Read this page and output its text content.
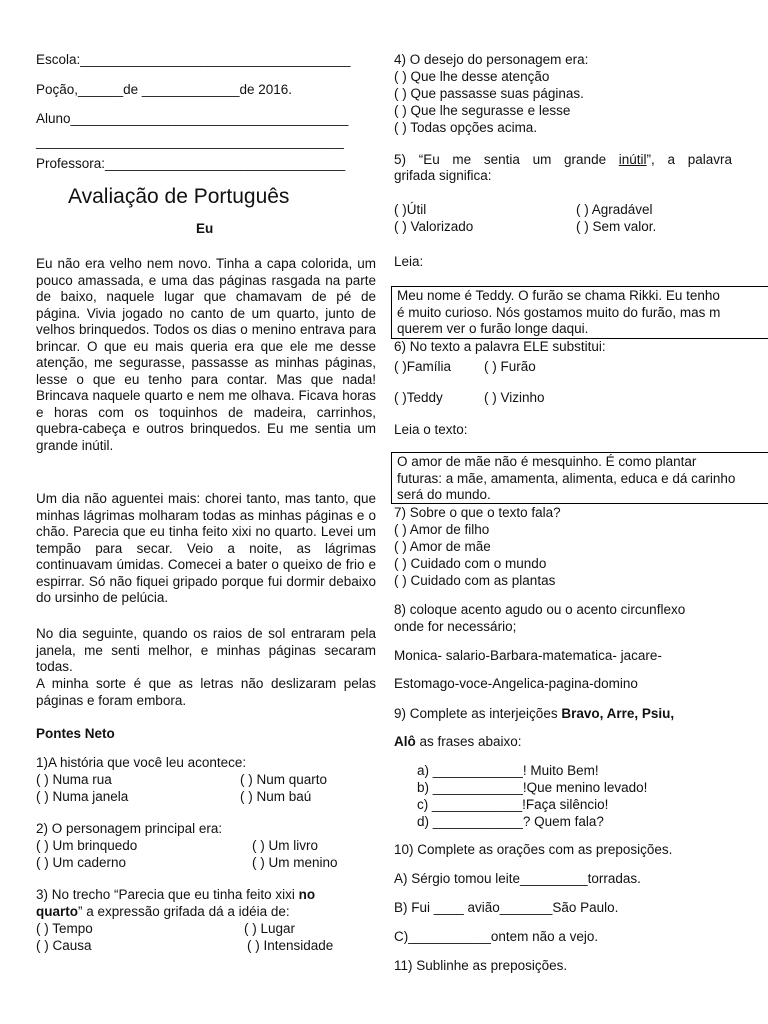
Escola:____________________________________
Poção,______de _____________de 2016.
Aluno_____________________________________
_________________________________________
Professora:________________________________
Avaliação de Português
Eu
Eu não era velho nem novo. Tinha a capa colorida, um pouco amassada, e uma das páginas rasgada na parte de baixo, naquele lugar que chamavam de pé de página. Vivia jogado no canto de um quarto, junto de velhos brinquedos. Todos os dias o menino entrava para brincar. O que eu mais queria era que ele me desse atenção, me segurasse, passasse as minhas páginas, lesse o que eu tenho para contar. Mas que nada! Brincava naquele quarto e nem me olhava. Ficava horas e horas com os toquinhos de madeira, carrinhos, quebra-cabeça e outros brinquedos. Eu me sentia um grande inútil.
Um dia não aguentei mais: chorei tanto, mas tanto, que minhas lágrimas molharam todas as minhas páginas e o chão. Parecia que eu tinha feito xixi no quarto. Levei um tempão para secar. Veio a noite, as lágrimas continuavam úmidas. Comecei a bater o queixo de frio e espirrar. Só não fiquei gripado porque fui dormir debaixo do ursinho de pelúcia.
No dia seguinte, quando os raios de sol entraram pela janela, me senti melhor, e minhas páginas secaram todas.
A minha sorte é que as letras não deslizaram pelas páginas e foram embora.
Pontes Neto
1)A história que você leu acontece:
( ) Numa rua	( ) Num quarto
( ) Numa janela	( ) Num baú
2) O personagem principal era:
( ) Um brinquedo	( ) Um livro
( ) Um caderno	( ) Um menino
3) No trecho “Parecia que eu tinha feito xixi no
quarto” a expressão grifada dá a idéia de:
( ) Tempo	( ) Lugar
( ) Causa	( ) Intensidade
4) O desejo do personagem era:
( ) Que lhe desse atenção
( ) Que passasse suas páginas.
( ) Que lhe segurasse e lesse
( ) Todas opções acima.
5) “Eu me sentia um grande inútil”, a palavra
grifada significa:
( )Útil	( ) Agradável
( ) Valorizado	( ) Sem valor.
Leia:
Meu nome é Teddy. O furão se chama Rikki. Eu tenho
é muito curioso. Nós gostamos muito do furão, mas m
querem ver o furão longe daqui.
6) No texto a palavra ELE substitui:
( )Família ( ) Furão
( )Teddy	( ) Vizinho
Leia o texto:
O amor de mãe não é mesquinho. É como plantar
futuras: a mãe, amamenta, alimenta, educa e dá carinho
será do mundo.
7) Sobre o que o texto fala?
( ) Amor de filho
( ) Amor de mãe
( ) Cuidado com o mundo
( ) Cuidado com as plantas
8) coloque acento agudo ou o acento circunflexo
onde for necessário;
Monica- salario-Barbara-matematica- jacare-
Estomago-voce-Angelica-pagina-domino
9) Complete as interjeições Bravo, Arre, Psiu,
Alô as frases abaixo:
a) ____________! Muito Bem!
b) ____________!Que menino levado!
c) ____________!Faça silêncio!
d) ____________? Quem fala?
10) Complete as orações com as preposições.
A) Sérgio tomou leite_________torradas.
B) Fui ____ avião_______São Paulo.
C)___________ontem não a vejo.
11) Sublinhe as preposições.
